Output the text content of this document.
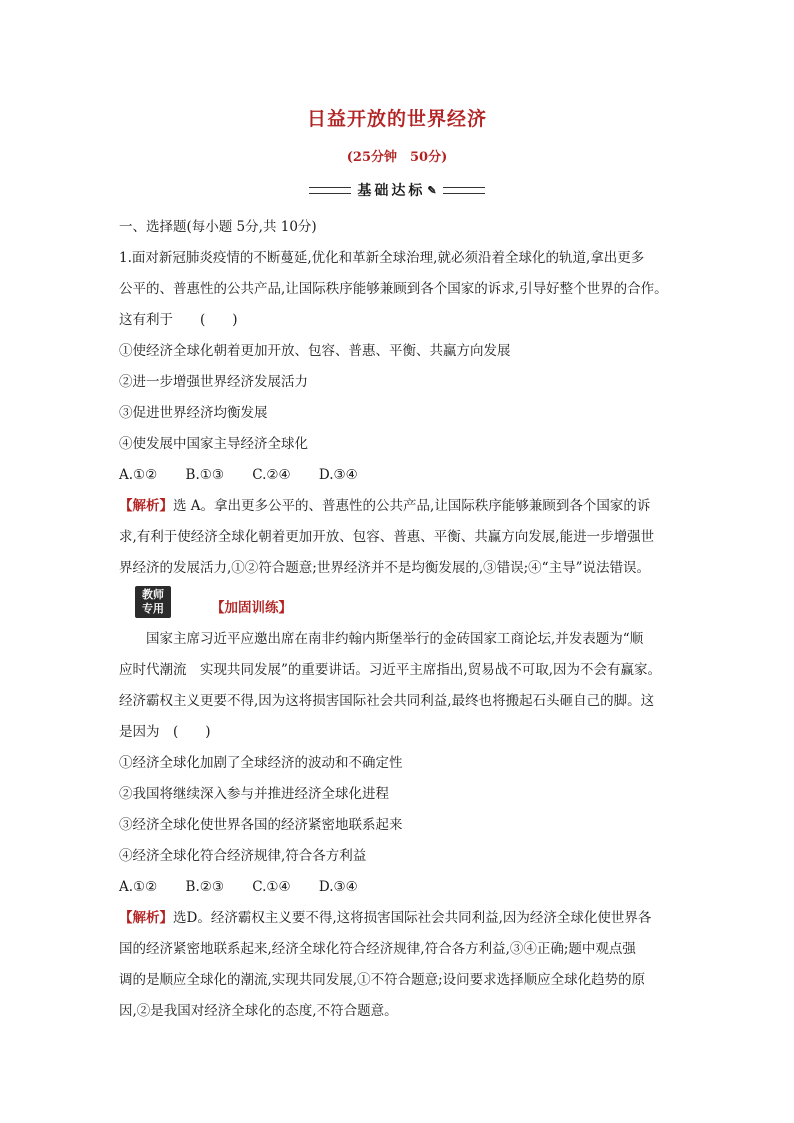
日益开放的世界经济
(25分钟　50分)
基础达标 ✎
一、选择题(每小题 5分,共 10分)
1.面对新冠肺炎疫情的不断蔓延,优化和革新全球治理,就必须沿着全球化的轨道,拿出更多
公平的、普惠性的公共产品,让国际秩序能够兼顾到各个国家的诉求,引导好整个世界的合作。
这有利于　　(　　)
①使经济全球化朝着更加开放、包容、普惠、平衡、共赢方向发展
②进一步增强世界经济发展活力
③促进世界经济均衡发展
④使发展中国家主导经济全球化
A.①② B.①③ C.②④ D.③④
【解析】选 A。拿出更多公平的、普惠性的公共产品,让国际秩序能够兼顾到各个国家的诉
求,有利于使经济全球化朝着更加开放、包容、普惠、平衡、共赢方向发展,能进一步增强世
界经济的发展活力,①②符合题意;世界经济并不是均衡发展的,③错误;④“主导”说法错误。
教师
专用	【加固训练】
国家主席习近平应邀出席在南非约翰内斯堡举行的金砖国家工商论坛,并发表题为“顺
应时代潮流　实现共同发展”的重要讲话。习近平主席指出,贸易战不可取,因为不会有赢家。
经济霸权主义更要不得,因为这将损害国际社会共同利益,最终也将搬起石头砸自己的脚。这
是因为　(　　)
①经济全球化加剧了全球经济的波动和不确定性
②我国将继续深入参与并推进经济全球化进程
③经济全球化使世界各国的经济紧密地联系起来
④经济全球化符合经济规律,符合各方利益
A.①② B.②③ C.①④ D.③④
【解析】选D。经济霸权主义要不得,这将损害国际社会共同利益,因为经济全球化使世界各
国的经济紧密地联系起来,经济全球化符合经济规律,符合各方利益,③④正确;题中观点强
调的是顺应全球化的潮流,实现共同发展,①不符合题意;设问要求选择顺应全球化趋势的原
因,②是我国对经济全球化的态度,不符合题意。
